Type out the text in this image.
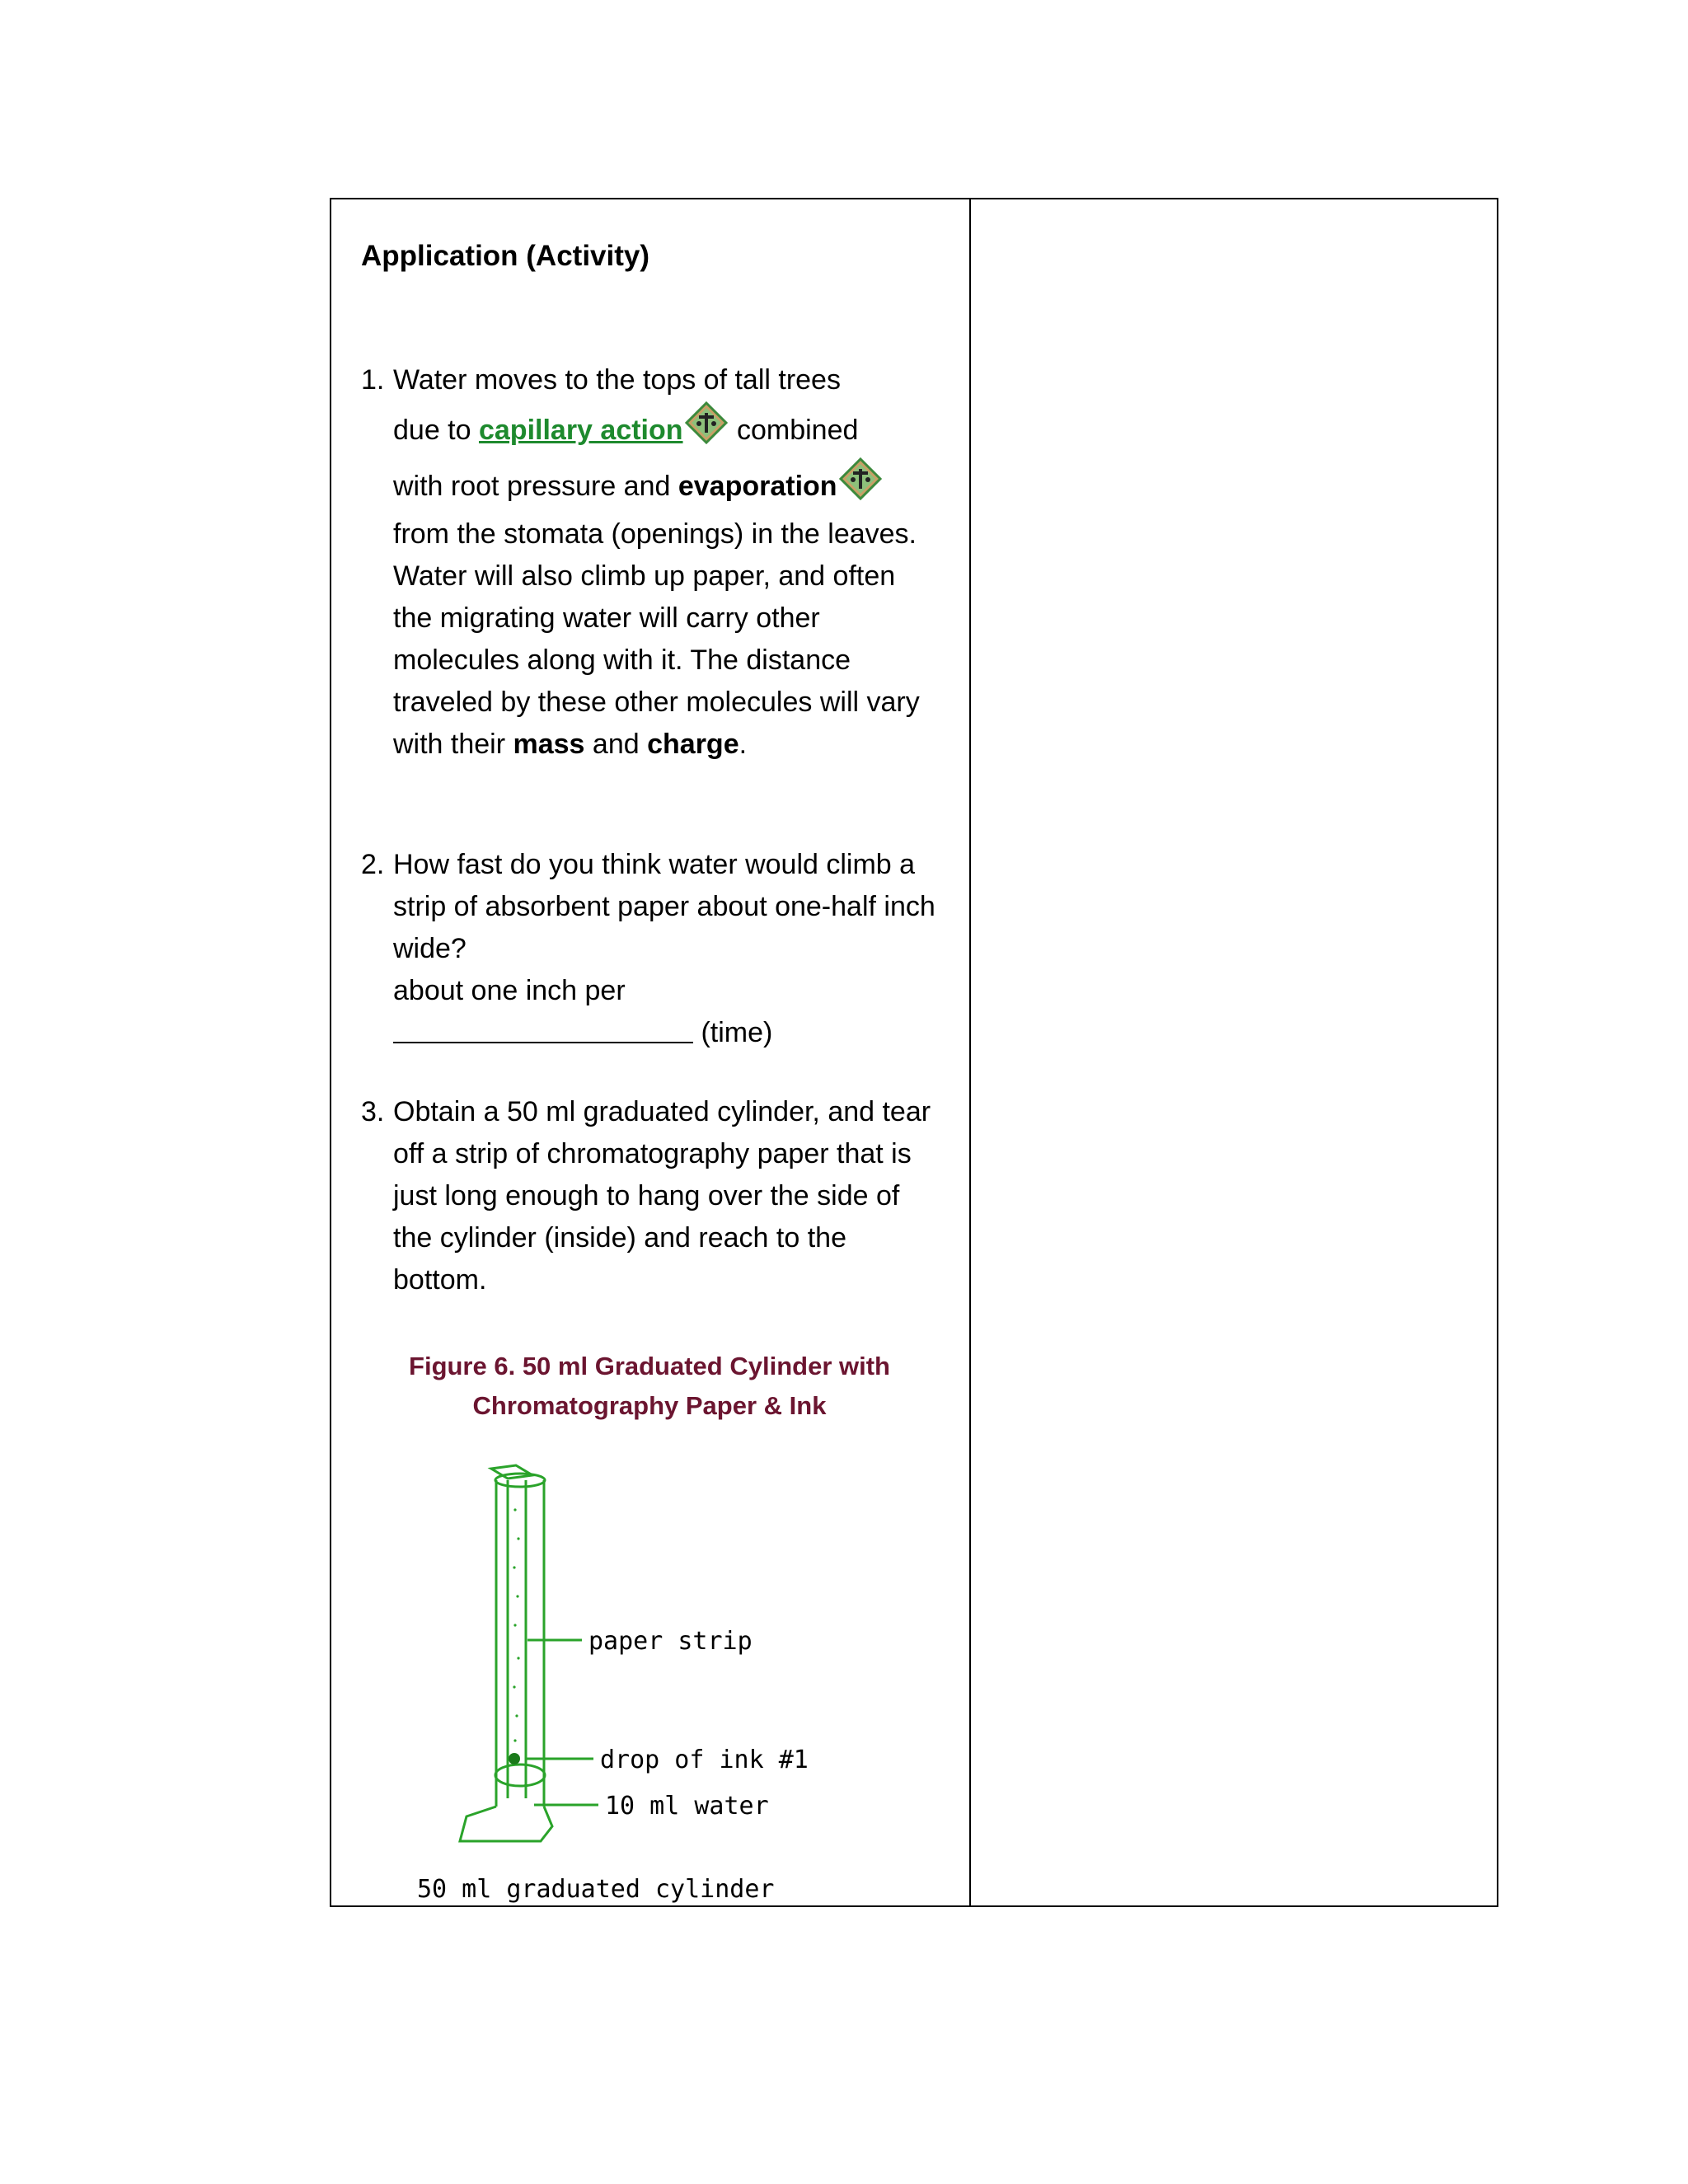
Application (Activity)
1. Water moves to the tops of tall trees
due to capillary action combined
with root pressure and evaporation
from the stomata (openings) in the leaves. Water will also climb up paper, and often the migrating water will carry other molecules along with it. The distance traveled by these other molecules will vary with their mass and charge.
2. How fast do you think water would climb a strip of absorbent paper about one-half inch wide?
about one inch per
(time)
3. Obtain a 50 ml graduated cylinder, and tear off a strip of chromatography paper that is just long enough to hang over the side of the cylinder (inside) and reach to the bottom.
Figure 6. 50 ml Graduated Cylinder with
Chromatography Paper & Ink
paper strip
drop of ink #1
10 ml water
50 ml graduated cylinder
